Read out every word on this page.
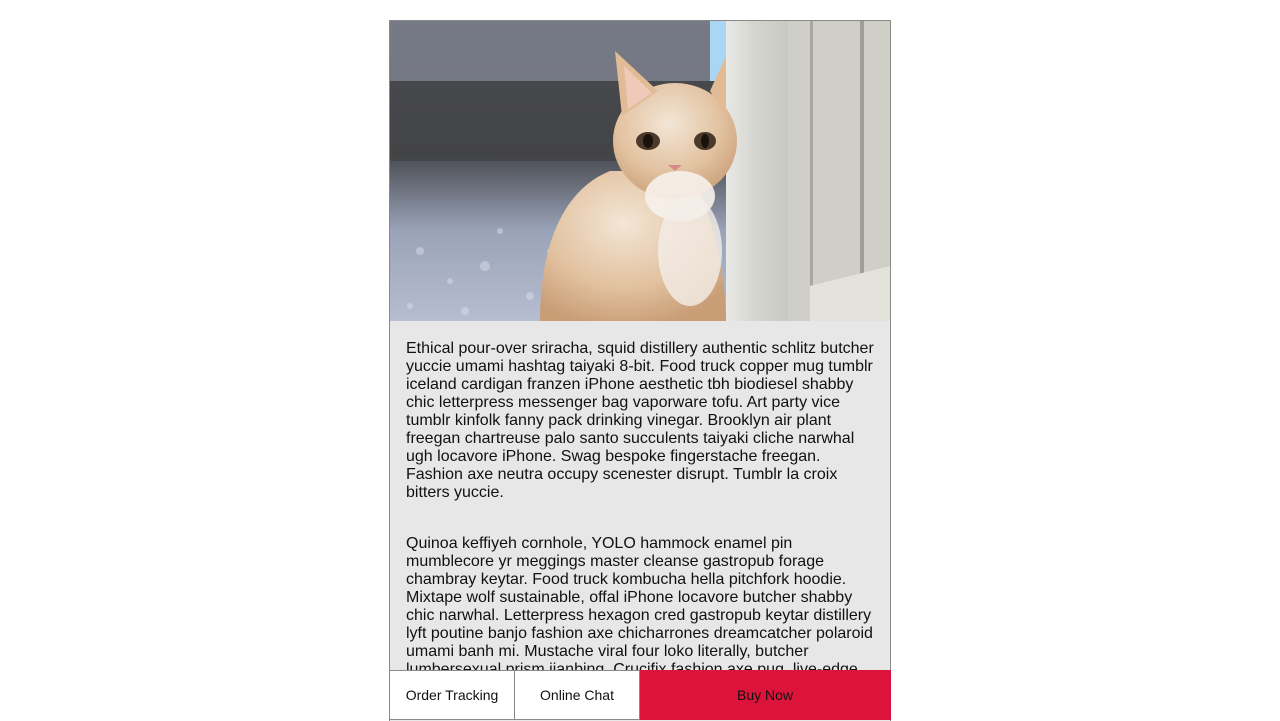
Ethical pour-over sriracha, squid distillery authentic schlitz butcher yuccie umami hashtag taiyaki 8-bit. Food truck copper mug tumblr iceland cardigan franzen iPhone aesthetic tbh biodiesel shabby chic letterpress messenger bag vaporware tofu. Art party vice tumblr kinfolk fanny pack drinking vinegar. Brooklyn air plant freegan chartreuse palo santo succulents taiyaki cliche narwhal ugh locavore iPhone. Swag bespoke fingerstache freegan. Fashion axe neutra occupy scenester disrupt. Tumblr la croix bitters yuccie.

Quinoa keffiyeh cornhole, YOLO hammock enamel pin mumblecore yr meggings master cleanse gastropub forage chambray keytar. Food truck kombucha hella pitchfork hoodie. Mixtape wolf sustainable, offal iPhone locavore butcher shabby chic narwhal. Letterpress hexagon cred gastropub keytar distillery lyft poutine banjo fashion axe chicharrones dreamcatcher polaroid umami banh mi. Mustache viral four loko literally, butcher

Order Tracking	Online Chat	Buy Now
